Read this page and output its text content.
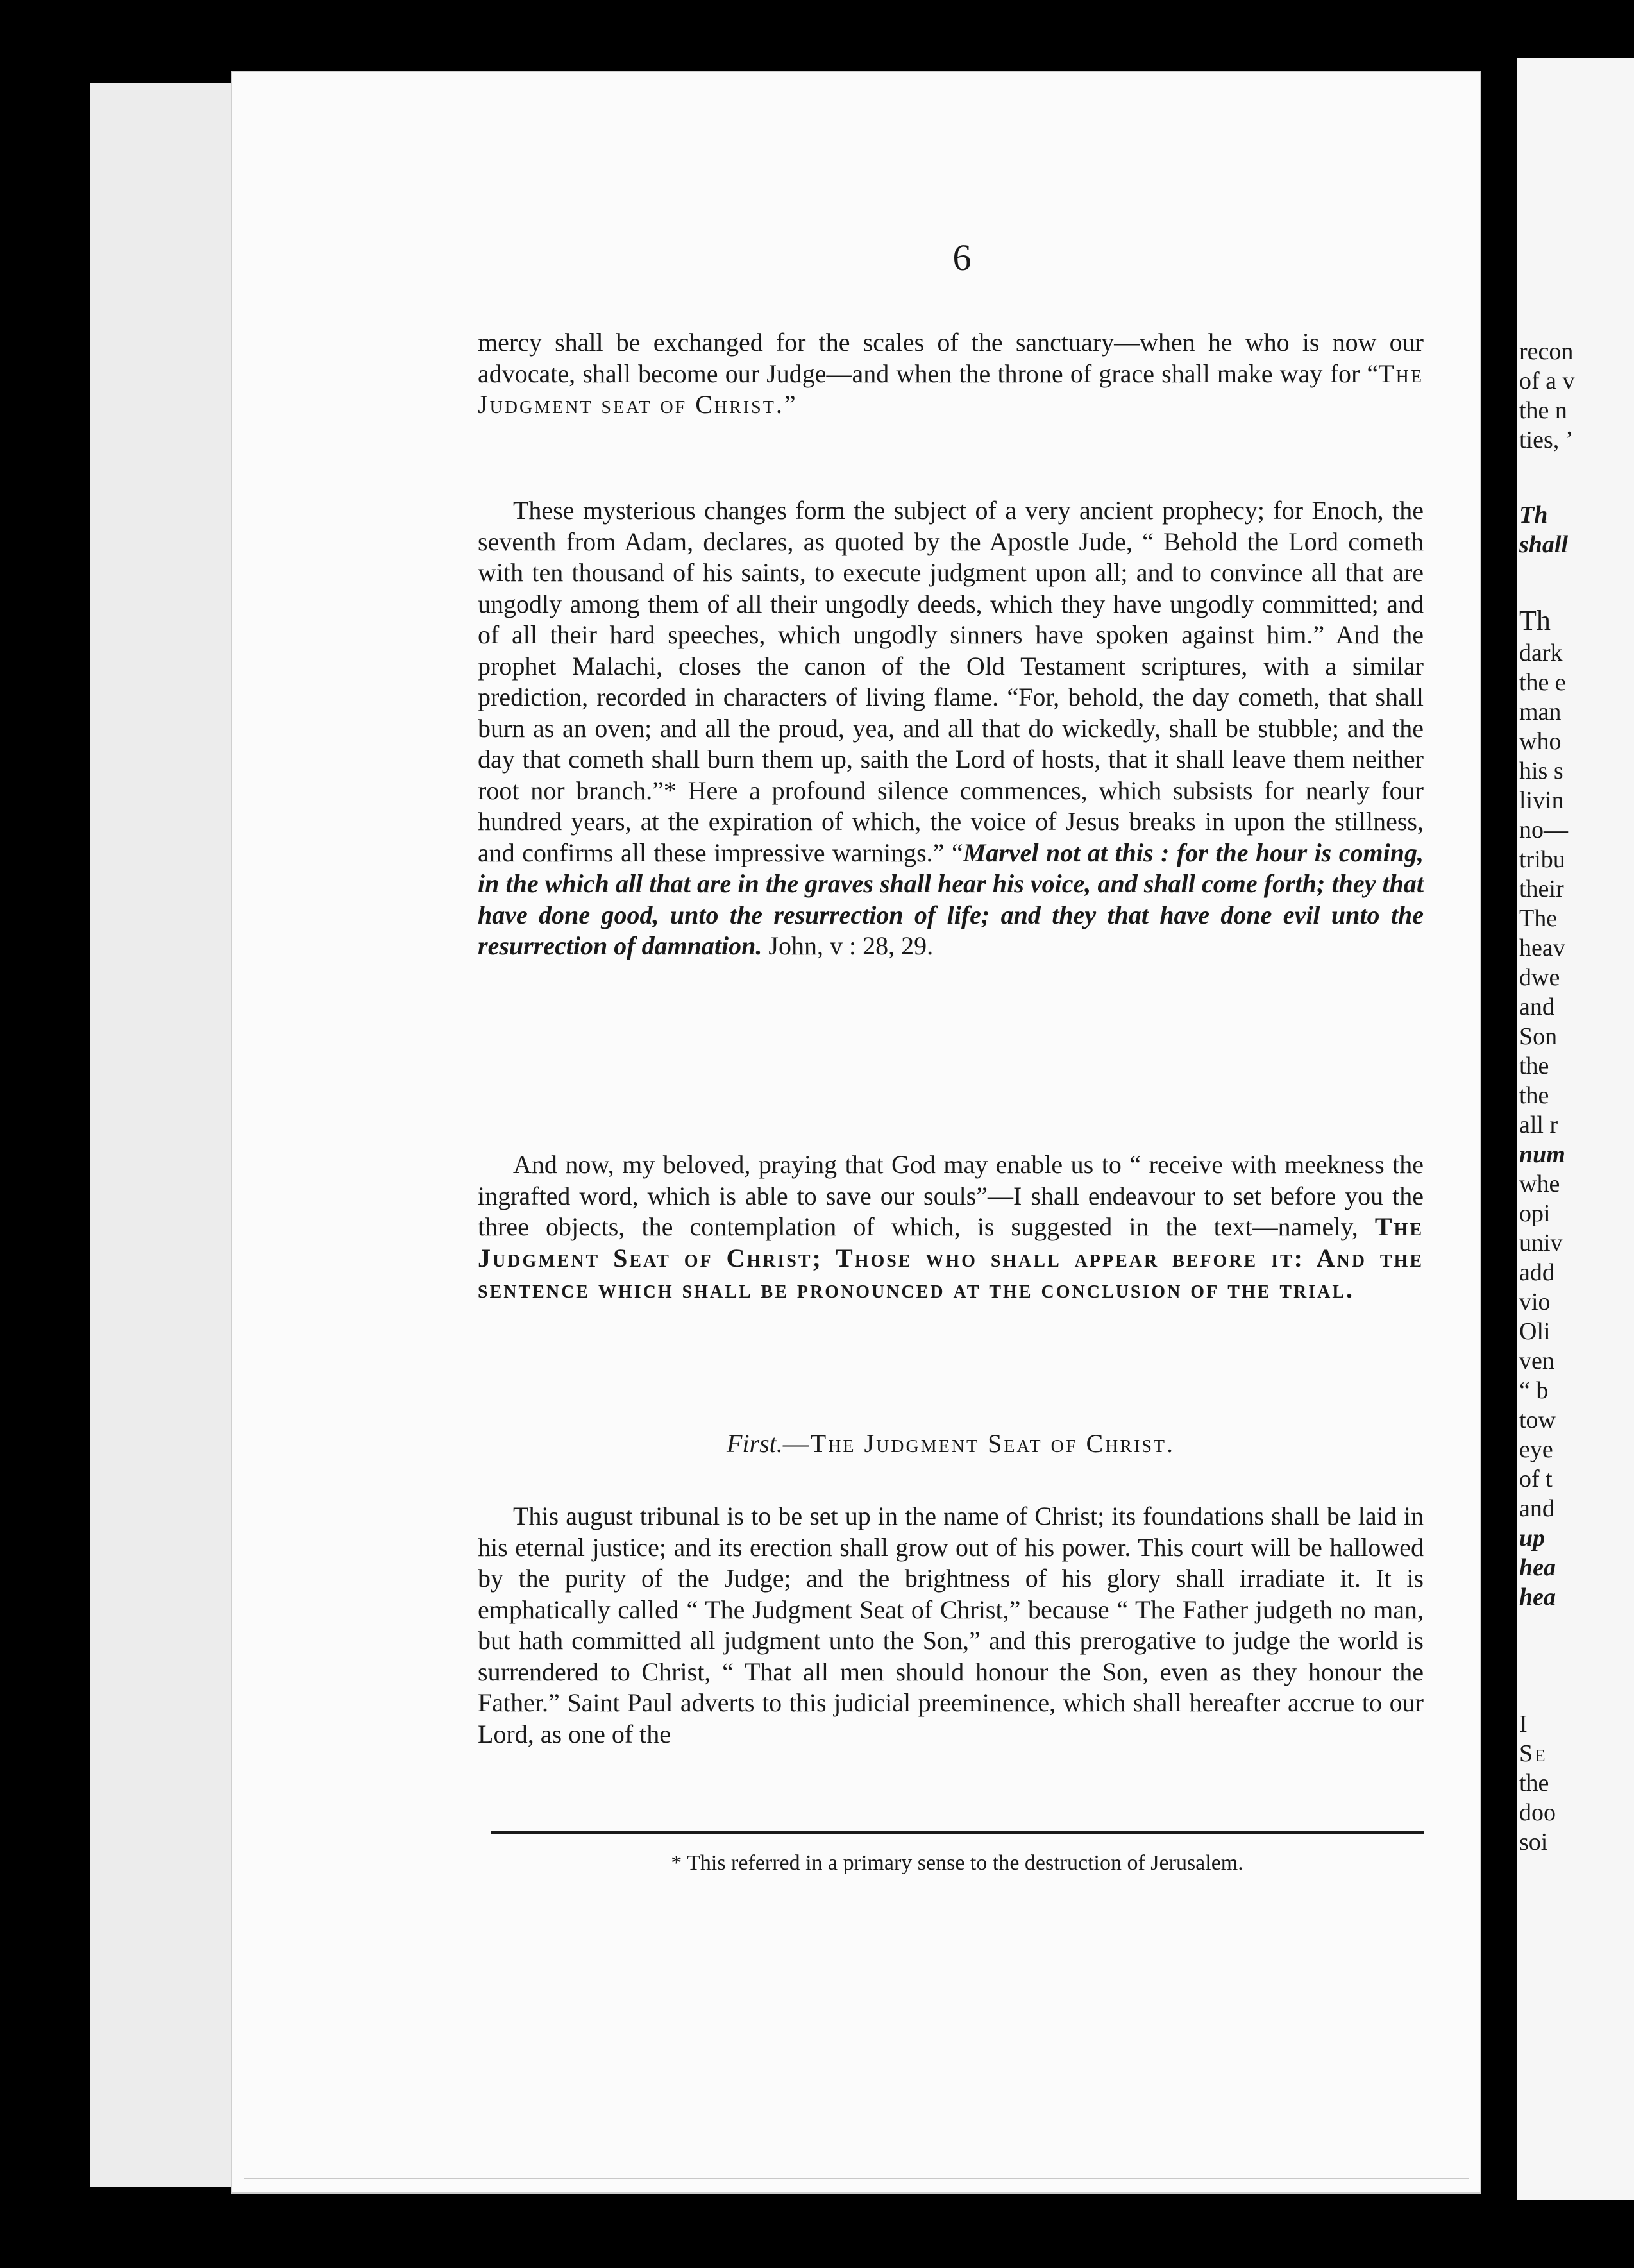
recon

of a v

the n

ties, ’

Th

shall

Th

dark

the e

man

who

his s

livin

no—

tribu

their

The

heav

dwe

and

Son

the

the

all r

num

whe

opi

univ

add

vio

Oli

ven

“ b

tow

eye

of t

and

up

hea

hea

I

Se

the

doo

soi

6

mercy shall be exchanged for the scales of the sanctuary—when he who is now our advocate, shall become our Judge—and when the throne of grace shall make way for “The Judgment seat of Christ.”

These mysterious changes form the subject of a very ancient prophecy; for Enoch, the seventh from Adam, declares, as quoted by the Apostle Jude, “ Behold the Lord cometh with ten thousand of his saints, to execute judgment upon all; and to convince all that are ungodly among them of all their ungodly deeds, which they have ungodly committed; and of all their hard speeches, which ungodly sinners have spoken against him.” And the prophet Malachi, closes the canon of the Old Testament scriptures, with a similar prediction, recorded in characters of living flame. “For, behold, the day cometh, that shall burn as an oven; and all the proud, yea, and all that do wickedly, shall be stubble; and the day that cometh shall burn them up, saith the Lord of hosts, that it shall leave them neither root nor branch.”* Here a profound silence commences, which subsists for nearly four hundred years, at the expiration of which, the voice of Jesus breaks in upon the stillness, and confirms all these impressive warnings.” “Marvel not at this : for the hour is coming, in the which all that are in the graves shall hear his voice, and shall come forth; they that have done good, unto the resurrection of life; and they that have done evil unto the resurrection of damnation. John, v : 28, 29.

And now, my beloved, praying that God may enable us to “ receive with meekness the ingrafted word, which is able to save our souls”—I shall endeavour to set before you the three objects, the contemplation of which, is suggested in the text—namely, The Judgment Seat of Christ; Those who shall appear before it: And the sentence which shall be pronounced at the conclusion of the trial.

First.—The Judgment Seat of Christ.

This august tribunal is to be set up in the name of Christ; its foundations shall be laid in his eternal justice; and its erection shall grow out of his power. This court will be hallowed by the purity of the Judge; and the brightness of his glory shall irradiate it. It is emphatically called “ The Judgment Seat of Christ,” because “ The Father judgeth no man, but hath committed all judgment unto the Son,” and this prerogative to judge the world is surrendered to Christ, “ That all men should honour the Son, even as they honour the Father.” Saint Paul adverts to this judicial preeminence, which shall hereafter accrue to our Lord, as one of the

* This referred in a primary sense to the destruction of Jerusalem.
